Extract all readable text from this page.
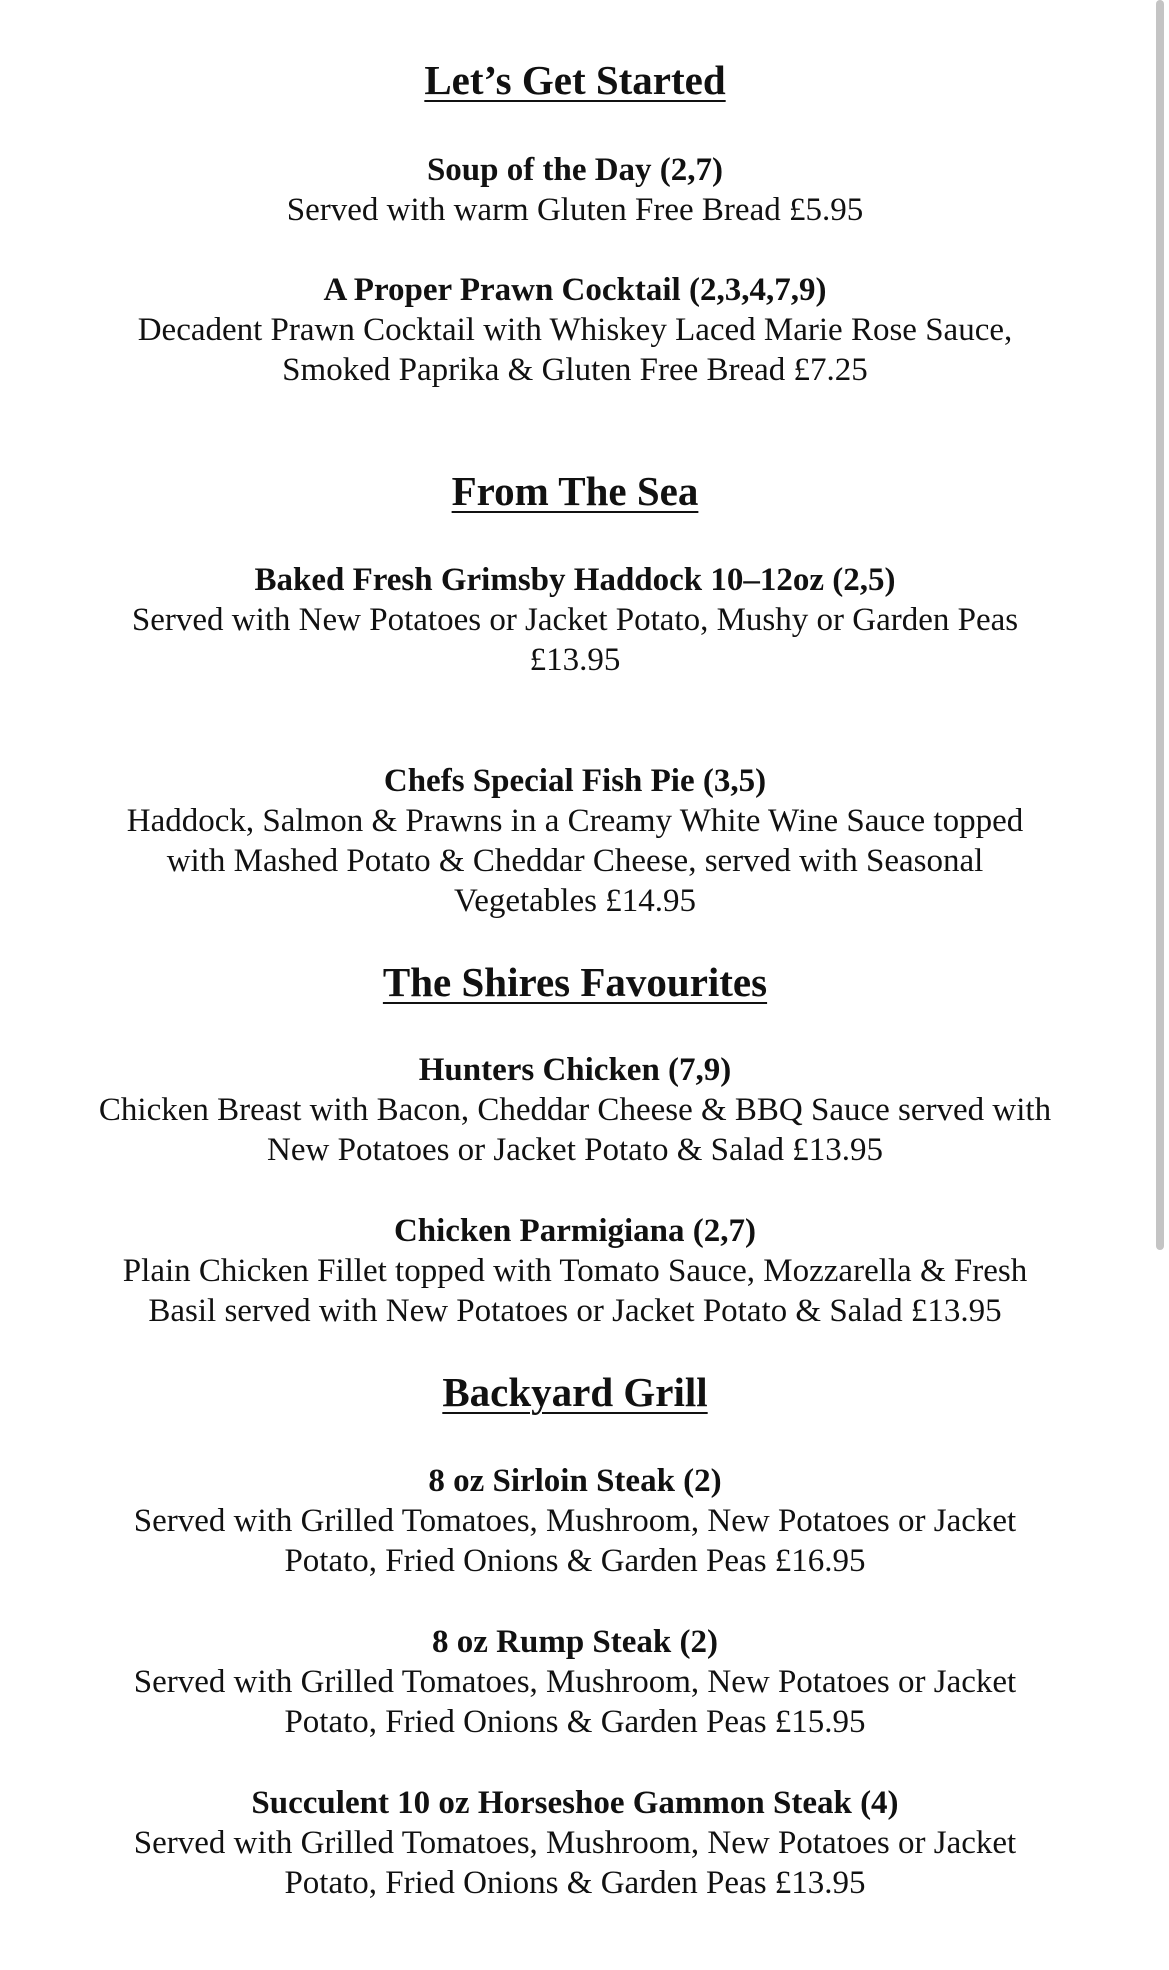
Let’s Get Started

Soup of the Day (2,7)

Served with warm Gluten Free Bread £5.95

A Proper Prawn Cocktail (2,3,4,7,9)

Decadent Prawn Cocktail with Whiskey Laced Marie Rose Sauce,
Smoked Paprika & Gluten Free Bread £7.25

From The Sea

Baked Fresh Grimsby Haddock 10–12oz (2,5)

Served with New Potatoes or Jacket Potato, Mushy or Garden Peas
£13.95

Chefs Special Fish Pie (3,5)

Haddock, Salmon & Prawns in a Creamy White Wine Sauce topped
with Mashed Potato & Cheddar Cheese, served with Seasonal
Vegetables £14.95

The Shires Favourites

Hunters Chicken (7,9)

Chicken Breast with Bacon, Cheddar Cheese & BBQ Sauce served with
New Potatoes or Jacket Potato & Salad £13.95

Chicken Parmigiana (2,7)

Plain Chicken Fillet topped with Tomato Sauce, Mozzarella & Fresh
Basil served with New Potatoes or Jacket Potato & Salad £13.95

Backyard Grill

8 oz Sirloin Steak (2)

Served with Grilled Tomatoes, Mushroom, New Potatoes or Jacket
Potato, Fried Onions & Garden Peas £16.95

8 oz Rump Steak (2)

Served with Grilled Tomatoes, Mushroom, New Potatoes or Jacket
Potato, Fried Onions & Garden Peas £15.95

Succulent 10 oz Horseshoe Gammon Steak (4)

Served with Grilled Tomatoes, Mushroom, New Potatoes or Jacket
Potato, Fried Onions & Garden Peas £13.95
